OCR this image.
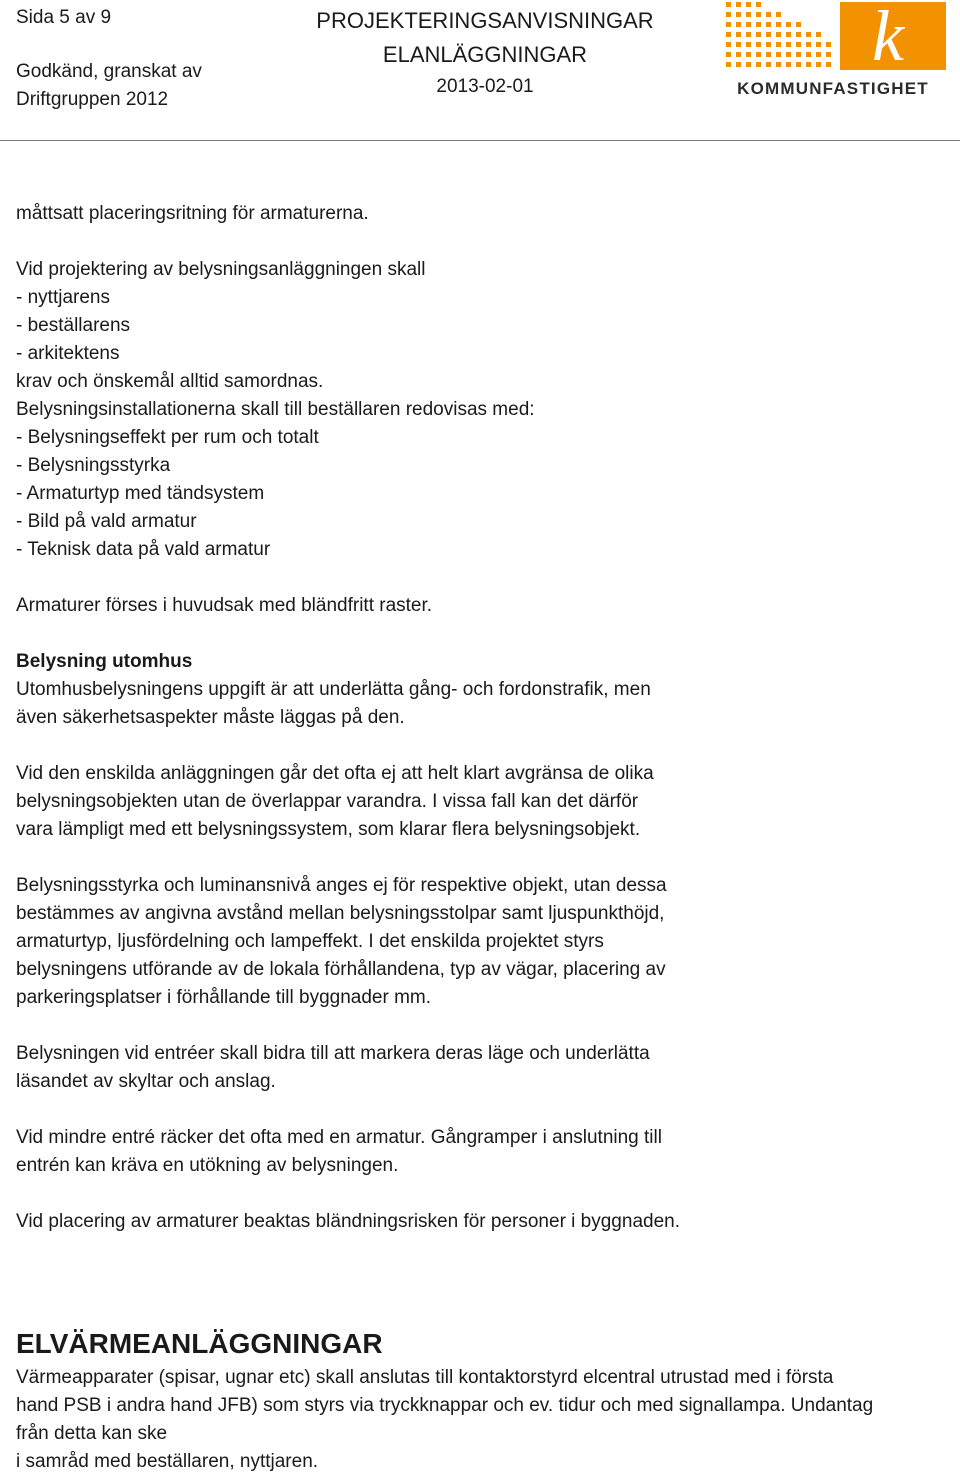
Sida 5 av 9
Godkänd, granskat av
Driftgruppen 2012
PROJEKTERINGSANVISNINGAR
ELANLÄGGNINGAR
2013-02-01
k
KOMMUNFASTIGHET

måttsatt placeringsritning för armaturerna.

Vid projektering av belysningsanläggningen skall

- nyttjarens

- beställarens

- arkitektens

krav och önskemål alltid samordnas.

Belysningsinstallationerna skall till beställaren redovisas med:

- Belysningseffekt per rum och totalt

- Belysningsstyrka

- Armaturtyp med tändsystem

- Bild på vald armatur

- Teknisk data på vald armatur

Armaturer förses i huvudsak med bländfritt raster.

Belysning utomhus

Utomhusbelysningens uppgift är att underlätta gång- och fordonstrafik, men

även säkerhetsaspekter måste läggas på den.

Vid den enskilda anläggningen går det ofta ej att helt klart avgränsa de olika

belysningsobjekten utan de överlappar varandra. I vissa fall kan det därför

vara lämpligt med ett belysningssystem, som klarar flera belysningsobjekt.

Belysningsstyrka och luminansnivå anges ej för respektive objekt, utan dessa

bestämmes av angivna avstånd mellan belysningsstolpar samt ljuspunkthöjd,

armaturtyp, ljusfördelning och lampeffekt. I det enskilda projektet styrs

belysningens utförande av de lokala förhållandena, typ av vägar, placering av

parkeringsplatser i förhållande till byggnader mm.

Belysningen vid entréer skall bidra till att markera deras läge och underlätta

läsandet av skyltar och anslag.

Vid mindre entré räcker det ofta med en armatur. Gångramper i anslutning till

entrén kan kräva en utökning av belysningen.

Vid placering av armaturer beaktas bländningsrisken för personer i byggnaden.

ELVÄRMEANLÄGGNINGAR

Värmeapparater (spisar, ugnar etc) skall anslutas till kontaktorstyrd elcentral utrustad med i första

hand PSB i andra hand JFB) som styrs via tryckknappar och ev. tidur och med signallampa. Undantag

från detta kan ske

i samråd med beställaren, nyttjaren.
